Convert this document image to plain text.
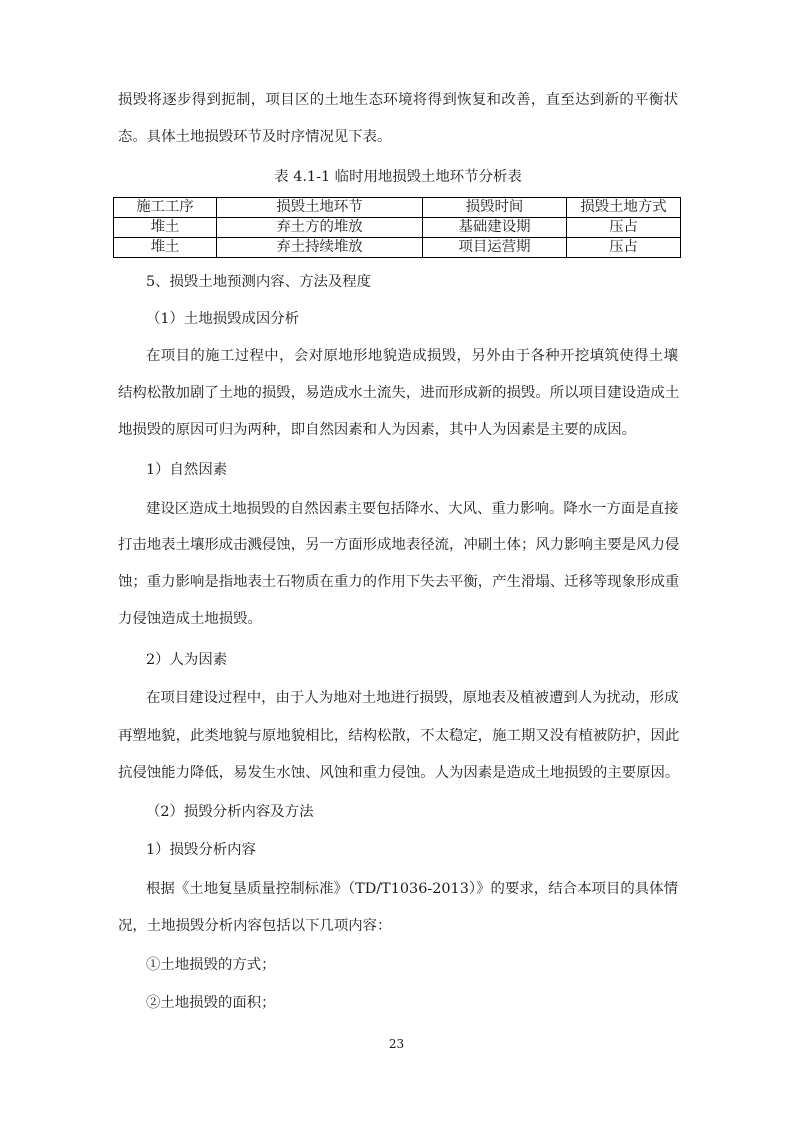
损毁将逐步得到扼制，项目区的土地生态环境将得到恢复和改善，直至达到新的平衡状
态。具体土地损毁环节及时序情况见下表。
表 4.1-1 临时用地损毁土地环节分析表
施工工序	损毁土地环节	损毁时间	损毁土地方式
堆土	弃土方的堆放	基础建设期	压占
堆土	弃土持续堆放	项目运营期	压占
5、损毁土地预测内容、方法及程度
（1）土地损毁成因分析
在项目的施工过程中，会对原地形地貌造成损毁，另外由于各种开挖填筑使得土壤
结构松散加剧了土地的损毁，易造成水土流失，进而形成新的损毁。所以项目建设造成土
地损毁的原因可归为两种，即自然因素和人为因素，其中人为因素是主要的成因。
1）自然因素
建设区造成土地损毁的自然因素主要包括降水、大风、重力影响。降水一方面是直接
打击地表土壤形成击溅侵蚀，另一方面形成地表径流，冲刷土体；风力影响主要是风力侵
蚀；重力影响是指地表土石物质在重力的作用下失去平衡，产生滑塌、迁移等现象形成重
力侵蚀造成土地损毁。
2）人为因素
在项目建设过程中，由于人为地对土地进行损毁，原地表及植被遭到人为扰动，形成
再塑地貌，此类地貌与原地貌相比，结构松散，不太稳定，施工期又没有植被防护，因此
抗侵蚀能力降低，易发生水蚀、风蚀和重力侵蚀。人为因素是造成土地损毁的主要原因。
（2）损毁分析内容及方法
1）损毁分析内容
根据《土地复垦质量控制标准》（TD/T1036-2013）》的要求，结合本项目的具体情
况，土地损毁分析内容包括以下几项内容：
①土地损毁的方式；
②土地损毁的面积；
23
